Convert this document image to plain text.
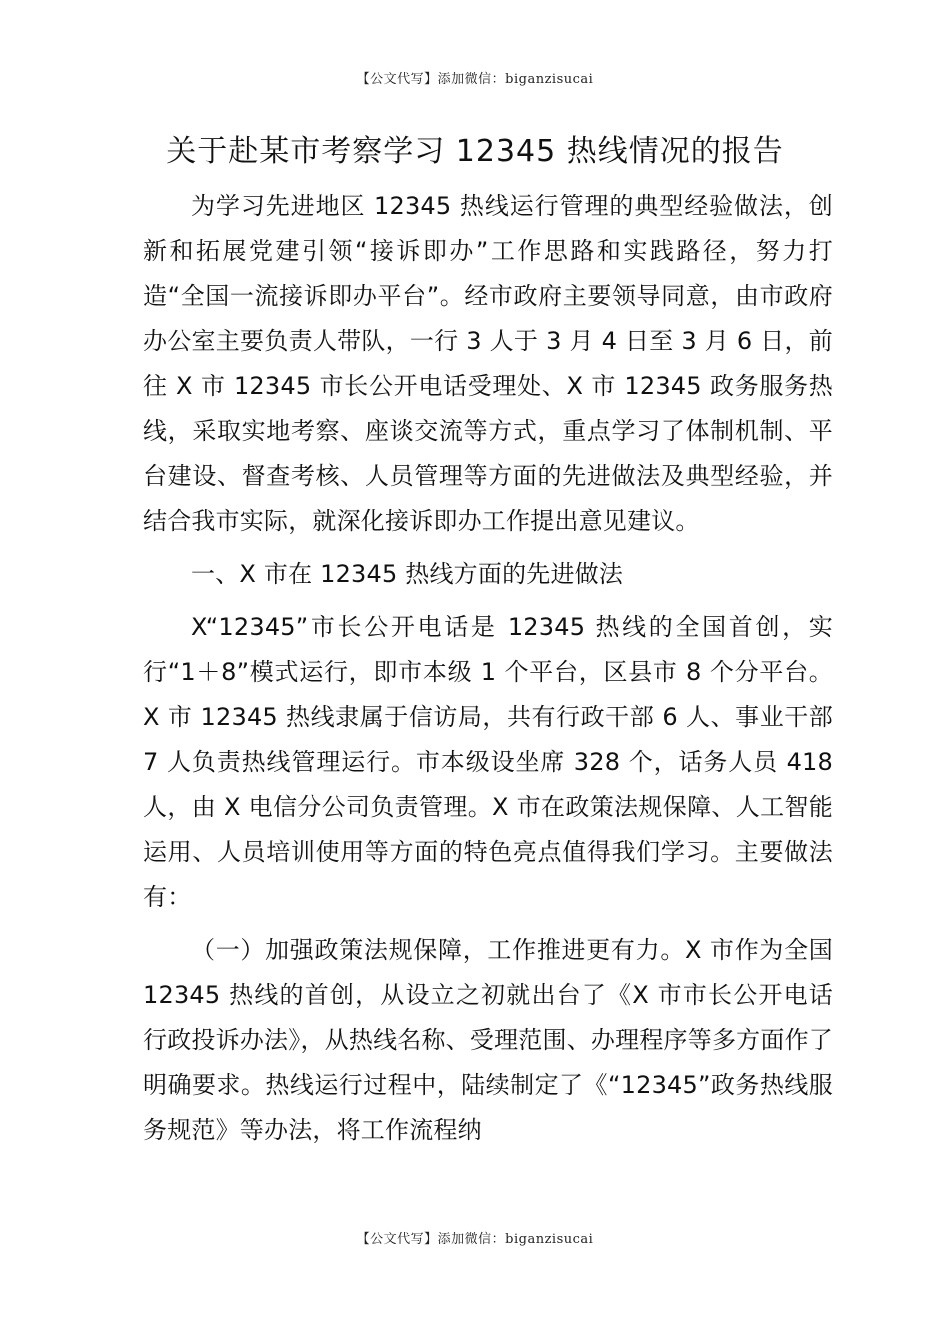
【公文代写】添加微信：biganzisucai
关于赴某市考察学习 12345 热线情况的报告

为学习先进地区 12345 热线运行管理的典型经验做法，创新和拓展党建引领“接诉即办”工作思路和实践路径，努力打造“全国一流接诉即办平台”。经市政府主要领导同意，由市政府办公室主要负责人带队，一行 3 人于 3 月 4 日至 3 月 6 日，前往 X 市 12345 市长公开电话受理处、X 市 12345 政务服务热线，采取实地考察、座谈交流等方式，重点学习了体制机制、平台建设、督查考核、人员管理等方面的先进做法及典型经验，并结合我市实际，就深化接诉即办工作提出意见建议。

一、X 市在 12345 热线方面的先进做法

X“12345”市长公开电话是 12345 热线的全国首创，实行“1＋8”模式运行，即市本级 1 个平台，区县市 8 个分平台。X 市 12345 热线隶属于信访局，共有行政干部 6 人、事业干部 7 人负责热线管理运行。市本级设坐席 328 个，话务人员 418 人，由 X 电信分公司负责管理。X 市在政策法规保障、人工智能运用、人员培训使用等方面的特色亮点值得我们学习。主要做法有：

（一）加强政策法规保障，工作推进更有力。X 市作为全国 12345 热线的首创，从设立之初就出台了《X 市市长公开电话行政投诉办法》，从热线名称、受理范围、办理程序等多方面作了明确要求。热线运行过程中，陆续制定了《“12345”政务热线服务规范》等办法，将工作流程纳

【公文代写】添加微信：biganzisucai
